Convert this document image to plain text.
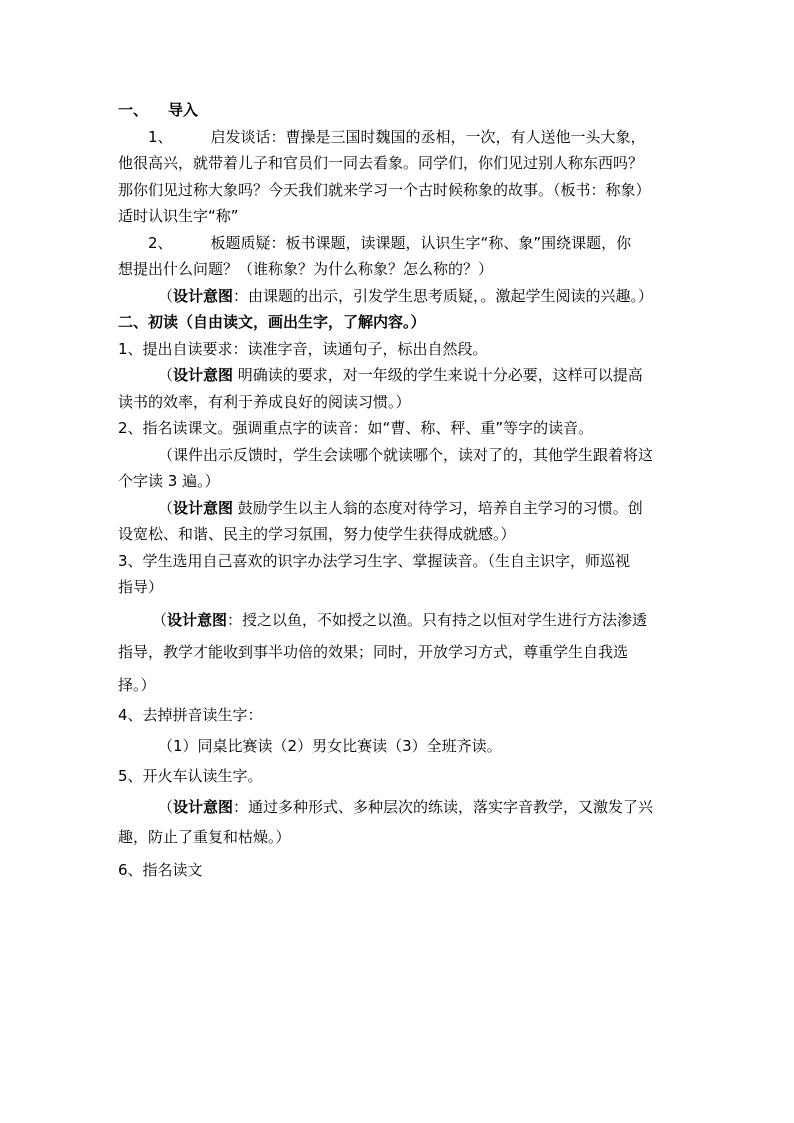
一、 导入
1、	启发谈话：曹操是三国时魏国的丞相，一次，有人送他一头大象，
他很高兴，就带着儿子和官员们一同去看象。同学们，你们见过别人称东西吗？
那你们见过称大象吗？今天我们就来学习一个古时候称象的故事。（板书：称象）
适时认识生字“称”
2、	板题质疑：板书课题，读课题，认识生字“称、象”围绕课题，你
想提出什么问题？（谁称象？为什么称象？怎么称的？）
（设计意图：由课题的出示，引发学生思考质疑，。激起学生阅读的兴趣。）
二、初读（自由读文，画出生字，了解内容。）
1、提出自读要求：读准字音，读通句子，标出自然段。
（设计意图 明确读的要求，对一年级的学生来说十分必要，这样可以提高
读书的效率，有利于养成良好的阅读习惯。）
2、指名读课文。强调重点字的读音：如“曹、称、秤、重”等字的读音。
（课件出示反馈时，学生会读哪个就读哪个，读对了的，其他学生跟着将这
个字读 3 遍。）
（设计意图 鼓励学生以主人翁的态度对待学习，培养自主学习的习惯。创
设宽松、和谐、民主的学习氛围，努力使学生获得成就感。）
3、学生选用自己喜欢的识字办法学习生字、掌握读音。（生自主识字，师巡视
指导）
（设计意图：授之以鱼，不如授之以渔。只有持之以恒对学生进行方法渗透
指导，教学才能收到事半功倍的效果；同时，开放学习方式，尊重学生自我选
择。）
4、去掉拼音读生字：
（1）同桌比赛读（2）男女比赛读（3）全班齐读。
5、开火车认读生字。
（设计意图：通过多种形式、多种层次的练读，落实字音教学，又激发了兴
趣，防止了重复和枯燥。）
6、指名读文
